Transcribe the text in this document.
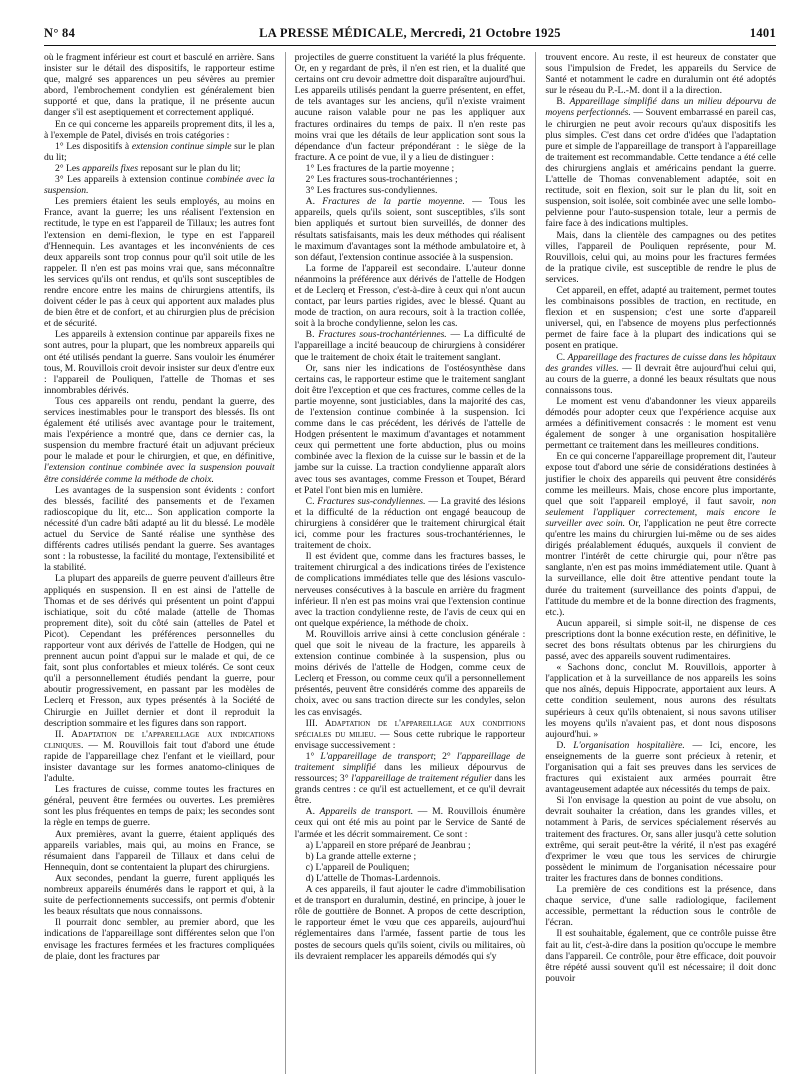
N° 84	LA PRESSE MÉDICALE, Mercredi, 21 Octobre 1925	1401

où le fragment inférieur est court et basculé en arrière. Sans insister sur le détail des dispositifs, le rapporteur estime que, malgré ses apparences un peu sévères au premier abord, l'embrochement condylien est généralement bien supporté et que, dans la pratique, il ne présente aucun danger s'il est aseptiquement et correctement appliqué.

En ce qui concerne les appareils proprement dits, il les a, à l'exemple de Patel, divisés en trois catégories :

1° Les dispositifs à extension continue simple sur le plan du lit;

2° Les appareils fixes reposant sur le plan du lit;

3° Les appareils à extension continue combinée avec la suspension.

Les premiers étaient les seuls employés, au moins en France, avant la guerre; les uns réalisent l'extension en rectitude, le type en est l'appareil de Tillaux; les autres font l'extension en demi-flexion, le type en est l'appareil d'Hennequin. Les avantages et les inconvénients de ces deux appareils sont trop connus pour qu'il soit utile de les rappeler. Il n'en est pas moins vrai que, sans méconnaître les services qu'ils ont rendus, et qu'ils sont susceptibles de rendre encore entre les mains de chirurgiens attentifs, ils doivent céder le pas à ceux qui apportent aux malades plus de bien être et de confort, et au chirurgien plus de précision et de sécurité.

Les appareils à extension continue par appareils fixes ne sont autres, pour la plupart, que les nombreux appareils qui ont été utilisés pendant la guerre. Sans vouloir les énumérer tous, M. Rouvillois croit devoir insister sur deux d'entre eux : l'appareil de Pouliquen, l'attelle de Thomas et ses innombrables dérivés.

Tous ces appareils ont rendu, pendant la guerre, des services inestimables pour le transport des blessés. Ils ont également été utilisés avec avantage pour le traitement, mais l'expérience a montré que, dans ce dernier cas, la suspension du membre fracturé était un adjuvant précieux pour le malade et pour le chirurgien, et que, en définitive, l'extension continue combinée avec la suspension pouvait être considérée comme la méthode de choix.

Les avantages de la suspension sont évidents : confort des blessés, facilité des pansements et de l'examen radioscopique du lit, etc... Son application comporte la nécessité d'un cadre bâti adapté au lit du blessé. Le modèle actuel du Service de Santé réalise une synthèse des différents cadres utilisés pendant la guerre. Ses avantages sont : la robustesse, la facilité du montage, l'extensibilité et la stabilité.

La plupart des appareils de guerre peuvent d'ailleurs être appliqués en suspension. Il en est ainsi de l'attelle de Thomas et de ses dérivés qui présentent un point d'appui ischiatique, soit du côté malade (attelle de Thomas proprement dite), soit du côté sain (attelles de Patel et Picot). Cependant les préférences personnelles du rapporteur vont aux dérivés de l'attelle de Hodgen, qui ne prennent aucun point d'appui sur le malade et qui, de ce fait, sont plus confortables et mieux tolérés. Ce sont ceux qu'il a personnellement étudiés pendant la guerre, pour aboutir progressivement, en passant par les modèles de Leclerq et Fresson, aux types présentés à la Société de Chirurgie en Juillet dernier et dont il reproduit la description sommaire et les figures dans son rapport.

II. Adaptation de l'appareillage aux indications cliniques. — M. Rouvillois fait tout d'abord une étude rapide de l'appareillage chez l'enfant et le vieillard, pour insister davantage sur les formes anatomo-cliniques de l'adulte.

Les fractures de cuisse, comme toutes les fractures en général, peuvent être fermées ou ouvertes. Les premières sont les plus fréquentes en temps de paix; les secondes sont la règle en temps de guerre.

Aux premières, avant la guerre, étaient appliqués des appareils variables, mais qui, au moins en France, se résumaient dans l'appareil de Tillaux et dans celui de Hennequin, dont se contentaient la plupart des chirurgiens.

Aux secondes, pendant la guerre, furent appliqués les nombreux appareils énumérés dans le rapport et qui, à la suite de perfectionnements successifs, ont permis d'obtenir les beaux résultats que nous connaissons.

Il pourrait donc sembler, au premier abord, que les indications de l'appareillage sont différentes selon que l'on envisage les fractures fermées et les fractures compliquées de plaie, dont les fractures par

projectiles de guerre constituent la variété la plus fréquente. Or, en y regardant de près, il n'en est rien, et la dualité que certains ont cru devoir admettre doit disparaître aujourd'hui. Les appareils utilisés pendant la guerre présentent, en effet, de tels avantages sur les anciens, qu'il n'existe vraiment aucune raison valable pour ne pas les appliquer aux fractures ordinaires du temps de paix. Il n'en reste pas moins vrai que les détails de leur application sont sous la dépendance d'un facteur prépondérant : le siège de la fracture. A ce point de vue, il y a lieu de distinguer :

1° Les fractures de la partie moyenne ;

2° Les fractures sous-trochantériennes ;

3° Les fractures sus-condyliennes.

A. Fractures de la partie moyenne. — Tous les appareils, quels qu'ils soient, sont susceptibles, s'ils sont bien appliqués et surtout bien surveillés, de donner des résultats satisfaisants, mais les deux méthodes qui réalisent le maximum d'avantages sont la méthode ambulatoire et, à son défaut, l'extension continue associée à la suspension.

La forme de l'appareil est secondaire. L'auteur donne néanmoins la préférence aux dérivés de l'attelle de Hodgen et de Leclerq et Fresson, c'est-à-dire à ceux qui n'ont aucun contact, par leurs parties rigides, avec le blessé. Quant au mode de traction, on aura recours, soit à la traction collée, soit à la broche condylienne, selon les cas.

B. Fractures sous-trochantériennes. — La difficulté de l'appareillage a incité beaucoup de chirurgiens à considérer que le traitement de choix était le traitement sanglant.

Or, sans nier les indications de l'ostéosynthèse dans certains cas, le rapporteur estime que le traitement sanglant doit être l'exception et que ces fractures, comme celles de la partie moyenne, sont justiciables, dans la majorité des cas, de l'extension continue combinée à la suspension. Ici comme dans le cas précédent, les dérivés de l'attelle de Hodgen présentent le maximum d'avantages et notamment ceux qui permettent une forte abduction, plus ou moins combinée avec la flexion de la cuisse sur le bassin et de la jambe sur la cuisse. La traction condylienne apparaît alors avec tous ses avantages, comme Fresson et Toupet, Bérard et Patel l'ont bien mis en lumière.

C. Fractures sus-condyliennes. — La gravité des lésions et la difficulté de la réduction ont engagé beaucoup de chirurgiens à considérer que le traitement chirurgical était ici, comme pour les fractures sous-trochantériennes, le traitement de choix.

Il est évident que, comme dans les fractures basses, le traitement chirurgical a des indications tirées de l'existence de complications immédiates telle que des lésions vasculo-nerveuses consécutives à la bascule en arrière du fragment inférieur. Il n'en est pas moins vrai que l'extension continue avec la traction condylienne reste, de l'avis de ceux qui en ont quelque expérience, la méthode de choix.

M. Rouvillois arrive ainsi à cette conclusion générale : quel que soit le niveau de la fracture, les appareils à extension continue combinée à la suspension, plus ou moins dérivés de l'attelle de Hodgen, comme ceux de Leclerq et Fresson, ou comme ceux qu'il a personnellement présentés, peuvent être considérés comme des appareils de choix, avec ou sans traction directe sur les condyles, selon les cas envisagés.

III. Adaptation de l'appareillage aux conditions spéciales du milieu. — Sous cette rubrique le rapporteur envisage successivement :

1° L'appareillage de transport; 2° l'appareillage de traitement simplifié dans les milieux dépourvus de ressources; 3° l'appareillage de traitement régulier dans les grands centres : ce qu'il est actuellement, et ce qu'il devrait être.

A. Appareils de transport. — M. Rouvillois énumère ceux qui ont été mis au point par le Service de Santé de l'armée et les décrit sommairement. Ce sont :

a) L'appareil en store préparé de Jeanbrau ;

b) La grande attelle externe ;

c) L'appareil de Pouliquen;

d) L'attelle de Thomas-Lardennois.

A ces appareils, il faut ajouter le cadre d'immobilisation et de transport en duralumin, destiné, en principe, à jouer le rôle de gouttière de Bonnet. A propos de cette description, le rapporteur émet le vœu que ces appareils, aujourd'hui réglementaires dans l'armée, fassent partie de tous les postes de secours quels qu'ils soient, civils ou militaires, où ils devraient remplacer les appareils démodés qui s'y

trouvent encore. Au reste, il est heureux de constater que sous l'impulsion de Fredet, les appareils du Service de Santé et notamment le cadre en duralumin ont été adoptés sur le réseau du P.-L.-M. dont il a la direction.

B. Appareillage simplifié dans un milieu dépourvu de moyens perfectionnés. — Souvent embarrassé en pareil cas, le chirurgien ne peut avoir recours qu'aux dispositifs les plus simples. C'est dans cet ordre d'idées que l'adaptation pure et simple de l'appareillage de transport à l'appareillage de traitement est recommandable. Cette tendance a été celle des chirurgiens anglais et américains pendant la guerre. L'attelle de Thomas convenablement adaptée, soit en rectitude, soit en flexion, soit sur le plan du lit, soit en suspension, soit isolée, soit combinée avec une selle lombo-pelvienne pour l'auto-suspension totale, leur a permis de faire face à des indications multiples.

Mais, dans la clientèle des campagnes ou des petites villes, l'appareil de Pouliquen représente, pour M. Rouvillois, celui qui, au moins pour les fractures fermées de la pratique civile, est susceptible de rendre le plus de services.

Cet appareil, en effet, adapté au traitement, permet toutes les combinaisons possibles de traction, en rectitude, en flexion et en suspension; c'est une sorte d'appareil universel, qui, en l'absence de moyens plus perfectionnés permet de faire face à la plupart des indications qui se posent en pratique.

C. Appareillage des fractures de cuisse dans les hôpitaux des grandes villes. — Il devrait être aujourd'hui celui qui, au cours de la guerre, a donné les beaux résultats que nous connaissons tous.

Le moment est venu d'abandonner les vieux appareils démodés pour adopter ceux que l'expérience acquise aux armées a définitivement consacrés : le moment est venu également de songer à une organisation hospitalière permettant ce traitement dans les meilleures conditions.

En ce qui concerne l'appareillage proprement dit, l'auteur expose tout d'abord une série de considérations destinées à justifier le choix des appareils qui peuvent être considérés comme les meilleurs. Mais, chose encore plus importante, quel que soit l'appareil employé, il faut savoir, non seulement l'appliquer correctement, mais encore le surveiller avec soin. Or, l'application ne peut être correcte qu'entre les mains du chirurgien lui-même ou de ses aides dirigés préalablement éduqués, auxquels il convient de montrer l'intérêt de cette chirurgie qui, pour n'être pas sanglante, n'en est pas moins immédiatement utile. Quant à la surveillance, elle doit être attentive pendant toute la durée du traitement (surveillance des points d'appui, de l'attitude du membre et de la bonne direction des fragments, etc.).

Aucun appareil, si simple soit-il, ne dispense de ces prescriptions dont la bonne exécution reste, en définitive, le secret des bons résultats obtenus par les chirurgiens du passé, avec des appareils souvent rudimentaires.

« Sachons donc, conclut M. Rouvillois, apporter à l'application et à la surveillance de nos appareils les soins que nos aînés, depuis Hippocrate, apportaient aux leurs. A cette condition seulement, nous aurons des résultats supérieurs à ceux qu'ils obtenaient, si nous savons utiliser les moyens qu'ils n'avaient pas, et dont nous disposons aujourd'hui. »

D. L'organisation hospitalière. — Ici, encore, les enseignements de la guerre sont précieux à retenir, et l'organisation qui a fait ses preuves dans les services de fractures qui existaient aux armées pourrait être avantageusement adaptée aux nécessités du temps de paix.

Si l'on envisage la question au point de vue absolu, on devrait souhaiter la création, dans les grandes villes, et notamment à Paris, de services spécialement réservés au traitement des fractures. Or, sans aller jusqu'à cette solution extrême, qui serait peut-être la vérité, il n'est pas exagéré d'exprimer le vœu que tous les services de chirurgie possèdent le minimum de l'organisation nécessaire pour traiter les fractures dans de bonnes conditions.

La première de ces conditions est la présence, dans chaque service, d'une salle radiologique, facilement accessible, permettant la réduction sous le contrôle de l'écran.

Il est souhaitable, également, que ce contrôle puisse être fait au lit, c'est-à-dire dans la position qu'occupe le membre dans l'appareil. Ce contrôle, pour être efficace, doit pouvoir être répété aussi souvent qu'il est nécessaire; il doit donc pouvoir
